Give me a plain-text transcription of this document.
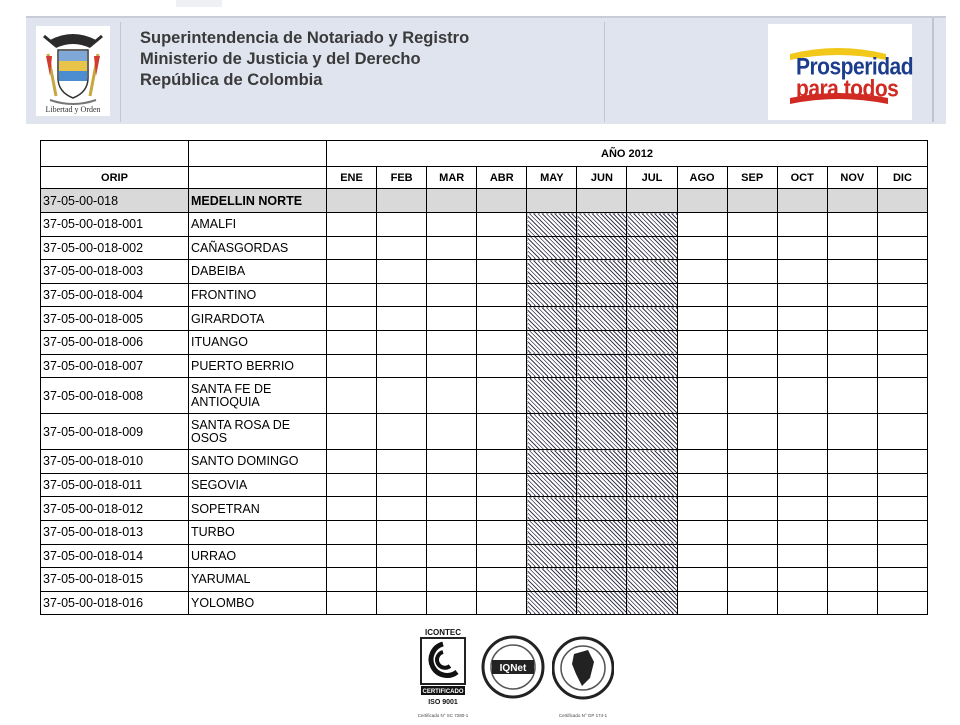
Libertad y Orden
Superintendencia de Notariado y Registro
Ministerio de Justicia y del Derecho
República de Colombia	Prosperidad
para todos
		AÑO 2012											
ORIP		ENE	FEB	MAR	ABR	MAY	JUN	JUL	AGO	SEP	OCT	NOV	DIC
37-05-00-018	MEDELLIN NORTE												
37-05-00-018-001	AMALFI												
37-05-00-018-002	CAÑASGORDAS												
37-05-00-018-003	DABEIBA												
37-05-00-018-004	FRONTINO												
37-05-00-018-005	GIRARDOTA												
37-05-00-018-006	ITUANGO												
37-05-00-018-007	PUERTO BERRIO												
37-05-00-018-008	SANTA FE DE ANTIOQUIA												
37-05-00-018-009	SANTA ROSA DE OSOS												
37-05-00-018-010	SANTO DOMINGO												
37-05-00-018-011	SEGOVIA												
37-05-00-018-012	SOPETRAN												
37-05-00-018-013	TURBO												
37-05-00-018-014	URRAO												
37-05-00-018-015	YARUMAL												
37-05-00-018-016	YOLOMBO												
ICONTEC
CERTIFICADO
ISO 9001
Certificado N° SC 7280-1
IQNet
Certificado N° GP 174-1
